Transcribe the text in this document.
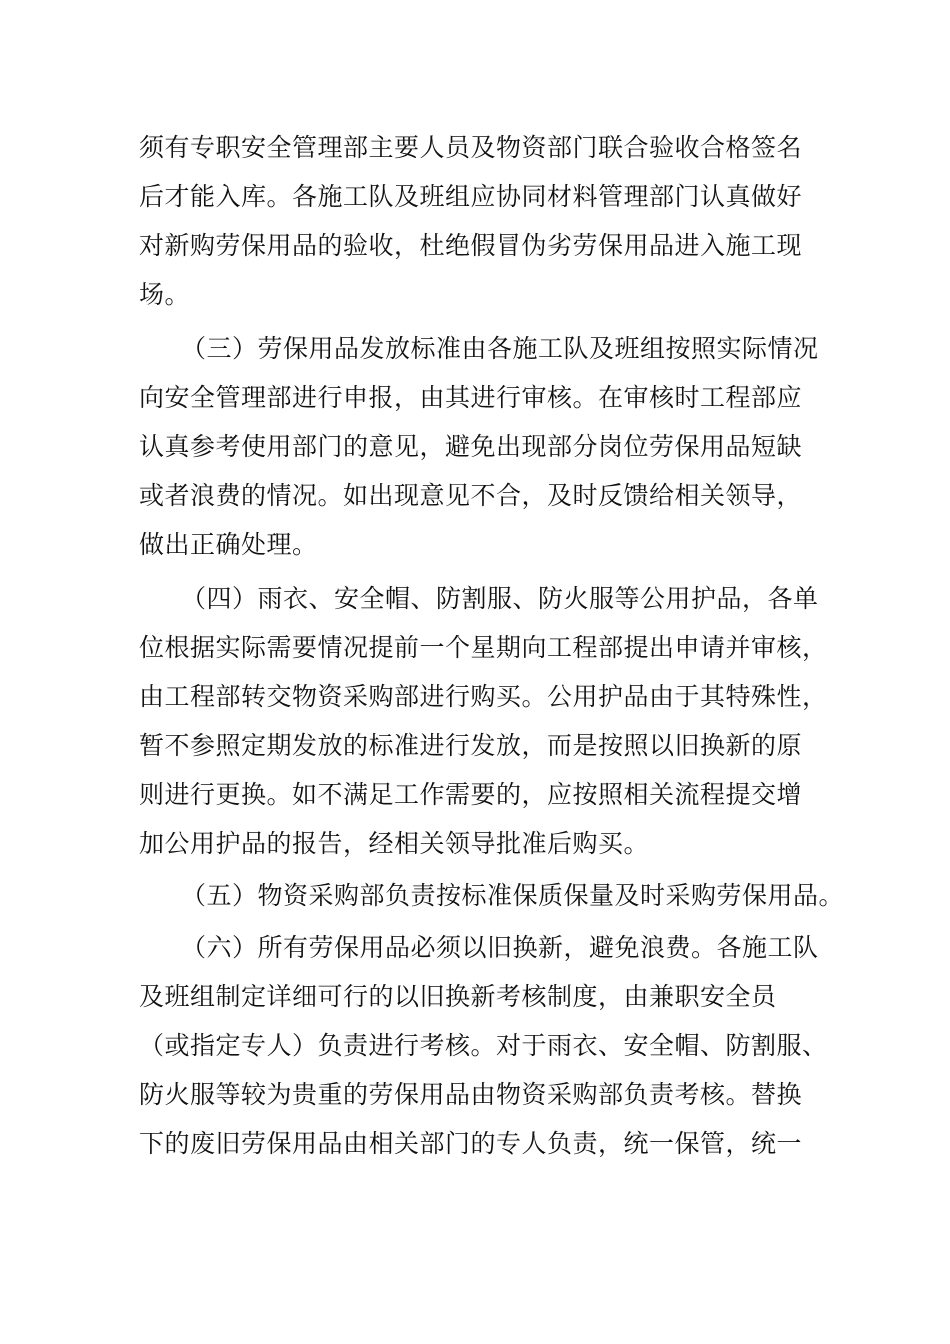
须有专职安全管理部主要人员及物资部门联合验收合格签名
后才能入库。各施工队及班组应协同材料管理部门认真做好
对新购劳保用品的验收，杜绝假冒伪劣劳保用品进入施工现
场。
（三）劳保用品发放标准由各施工队及班组按照实际情况
向安全管理部进行申报，由其进行审核。在审核时工程部应
认真参考使用部门的意见，避免出现部分岗位劳保用品短缺
或者浪费的情况。如出现意见不合，及时反馈给相关领导，
做出正确处理。
（四）雨衣、安全帽、防割服、防火服等公用护品，各单
位根据实际需要情况提前一个星期向工程部提出申请并审核，
由工程部转交物资采购部进行购买。公用护品由于其特殊性，
暂不参照定期发放的标准进行发放，而是按照以旧换新的原
则进行更换。如不满足工作需要的，应按照相关流程提交增
加公用护品的报告，经相关领导批准后购买。
（五）物资采购部负责按标准保质保量及时采购劳保用品。
（六）所有劳保用品必须以旧换新，避免浪费。各施工队
及班组制定详细可行的以旧换新考核制度，由兼职安全员
（或指定专人）负责进行考核。对于雨衣、安全帽、防割服、
防火服等较为贵重的劳保用品由物资采购部负责考核。替换
下的废旧劳保用品由相关部门的专人负责，统一保管，统一
